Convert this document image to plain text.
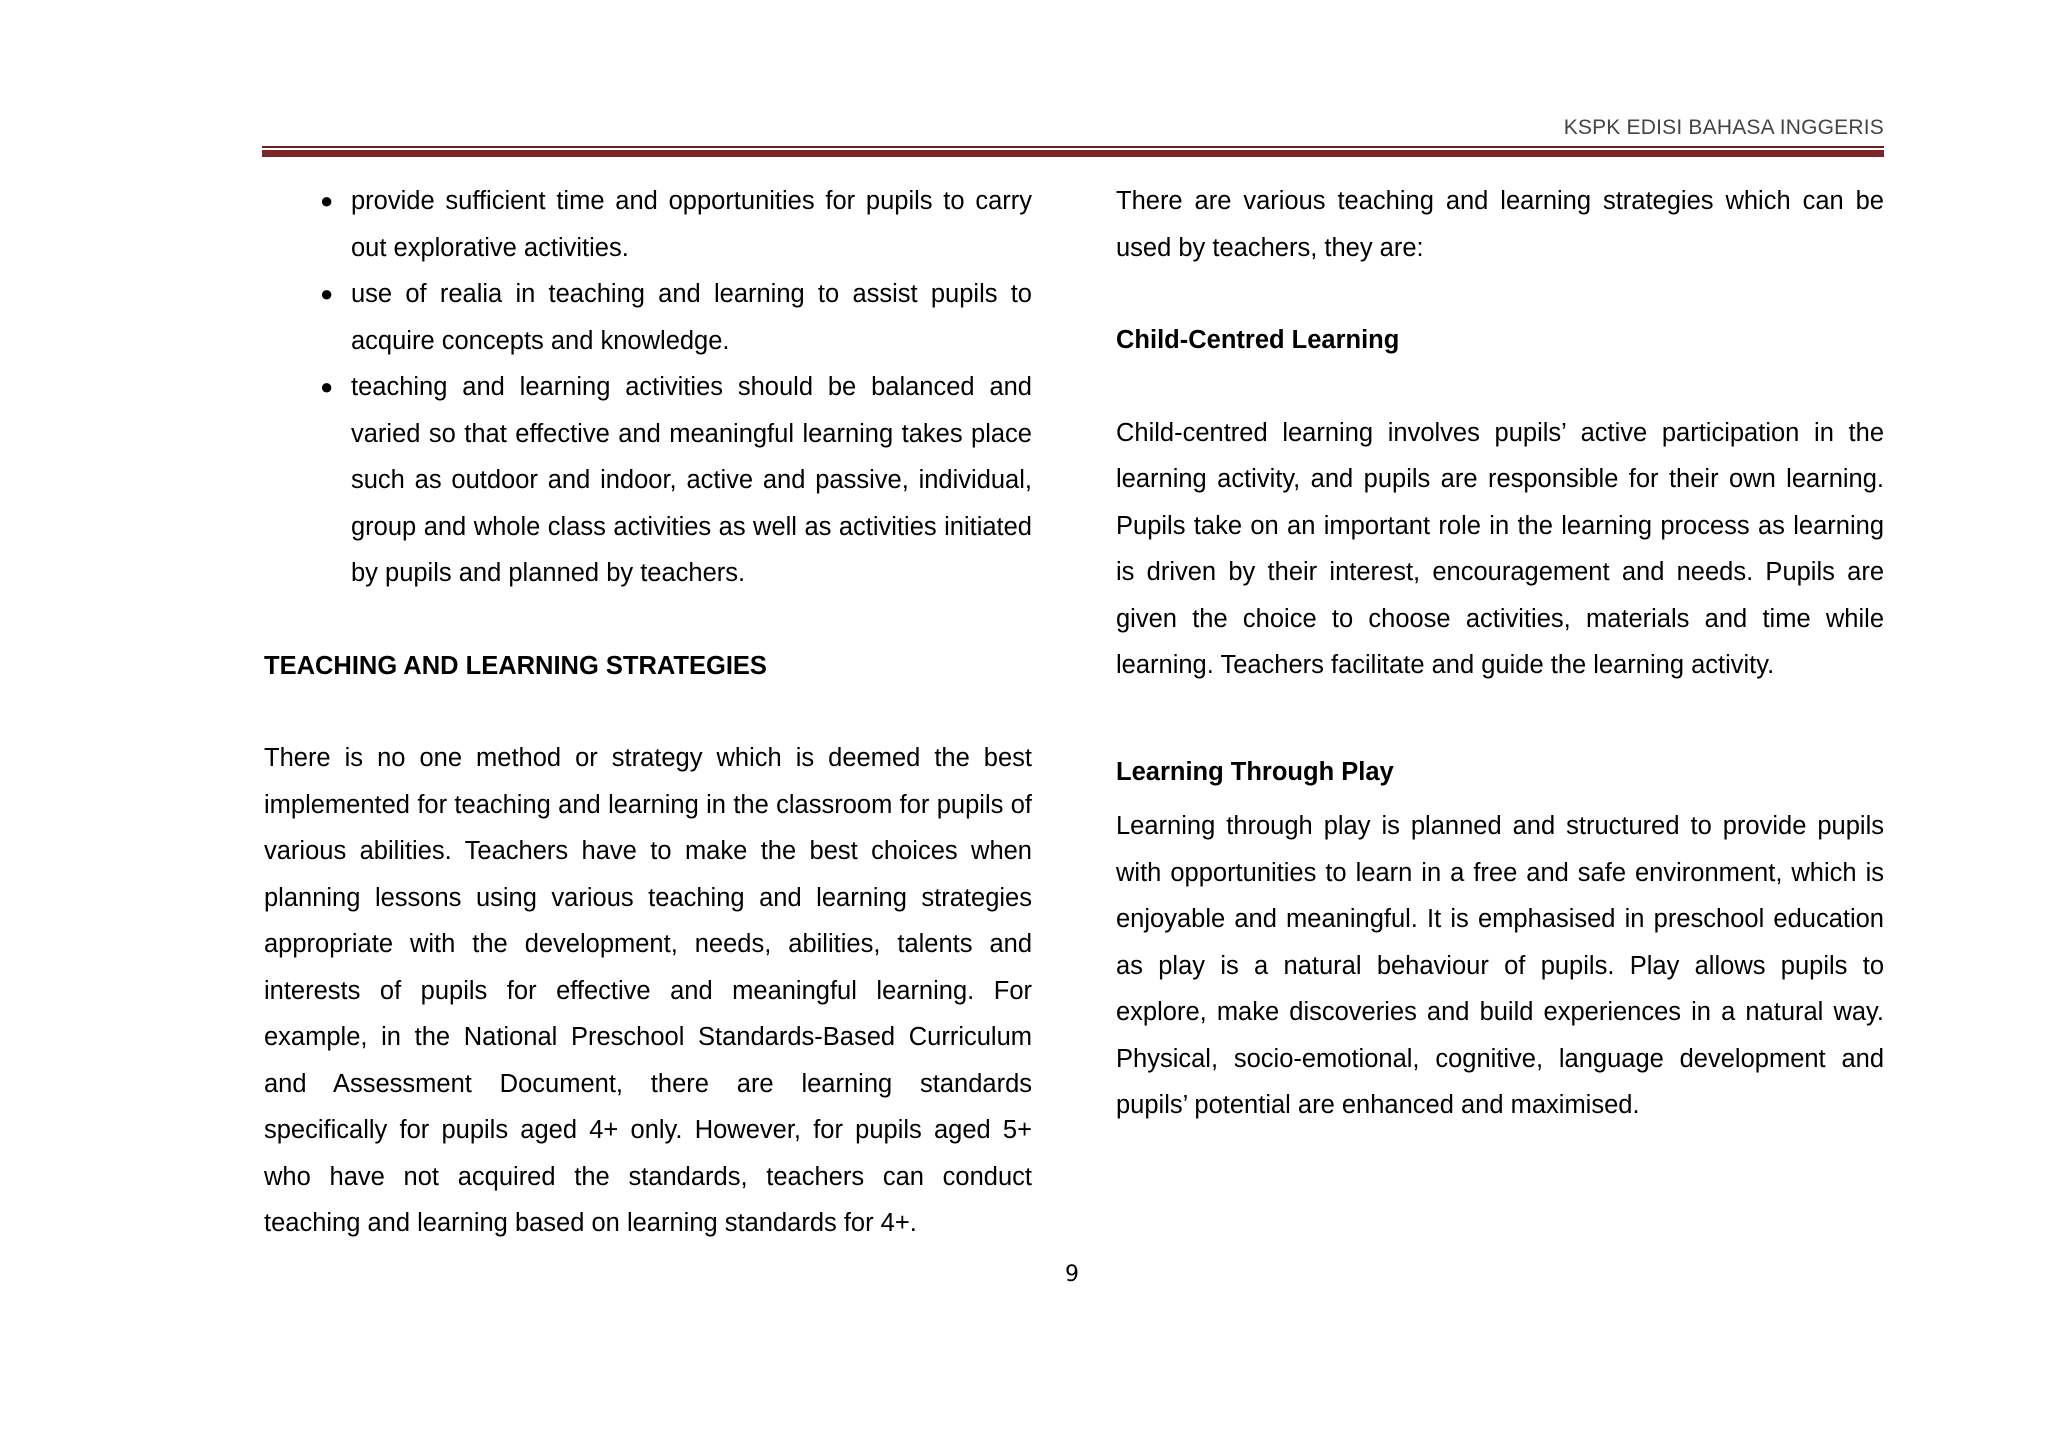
KSPK EDISI BAHASA INGGERIS
● provide sufficient time and opportunities for pupils to carry out explorative activities.
● use of realia in teaching and learning to assist pupils to acquire concepts and knowledge.
● teaching and learning activities should be balanced and varied so that effective and meaningful learning takes place such as outdoor and indoor, active and passive, individual, group and whole class activities as well as activities initiated by pupils and planned by teachers.

TEACHING AND LEARNING STRATEGIES

There is no one method or strategy which is deemed the best implemented for teaching and learning in the classroom for pupils of various abilities. Teachers have to make the best choices when planning lessons using various teaching and learning strategies appropriate with the development, needs, abilities, talents and interests of pupils for effective and meaningful learning. For example, in the National Preschool Standards-Based Curriculum and Assessment Document, there are learning standards specifically for pupils aged 4+ only. However, for pupils aged 5+ who have not acquired the standards, teachers can conduct teaching and learning based on learning standards for 4+.

There are various teaching and learning strategies which can be used by teachers, they are:

Child-Centred Learning

Child-centred learning involves pupils’ active participation in the learning activity, and pupils are responsible for their own learning. Pupils take on an important role in the learning process as learning is driven by their interest, encouragement and needs. Pupils are given the choice to choose activities, materials and time while learning. Teachers facilitate and guide the learning activity.

Learning Through Play

Learning through play is planned and structured to provide pupils with opportunities to learn in a free and safe environment, which is enjoyable and meaningful. It is emphasised in preschool education as play is a natural behaviour of pupils. Play allows pupils to explore, make discoveries and build experiences in a natural way. Physical, socio-emotional, cognitive, language development and pupils’ potential are enhanced and maximised.

9
